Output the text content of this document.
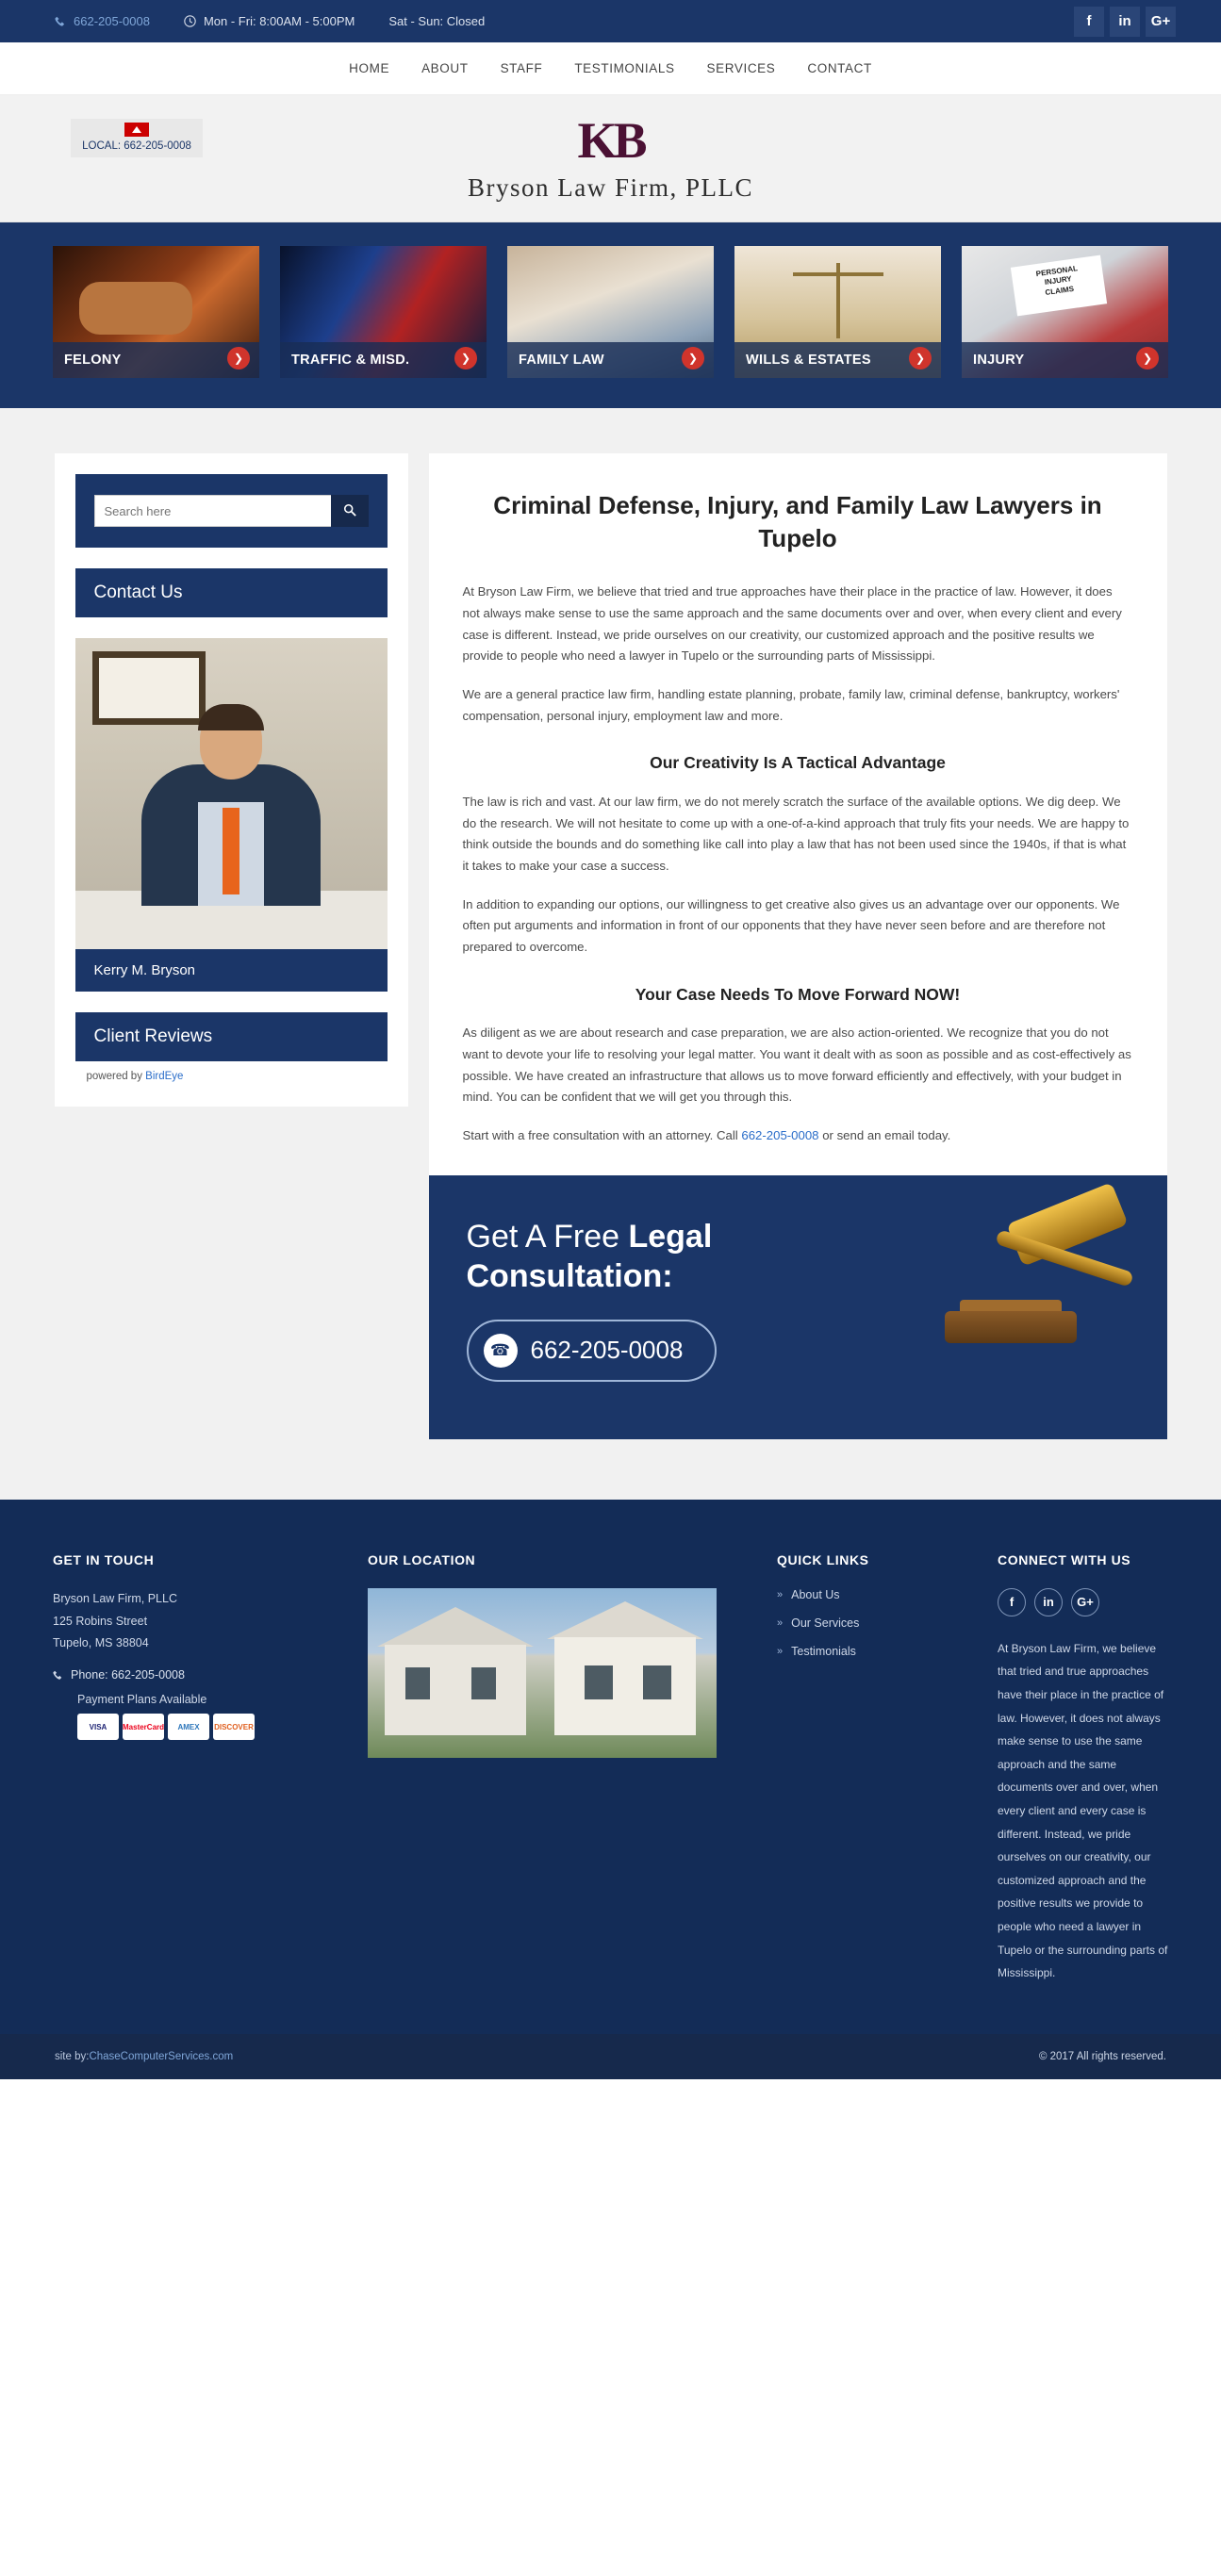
662-205-0008	Mon - Fri: 8:00AM - 5:00PM	Sat - Sun: Closed	f	in	G+
HOME	ABOUT	STAFF	TESTIMONIALS	SERVICES	CONTACT
LOCAL: 662-205-0008	KB
Bryson Law Firm, PLLC
FELONY	❯	TRAFFIC & MISD.	❯	FAMILY LAW	❯	WILLS & ESTATES	❯
PERSONAL
INJURY
CLAIMS
INJURY	❯
Search here
Contact Us
Kerry M. Bryson
Client Reviews
powered by BirdEye
Criminal Defense, Injury, and Family Law Lawyers in Tupelo

At Bryson Law Firm, we believe that tried and true approaches have their place in the practice of law. However, it does not always make sense to use the same approach and the same documents over and over, when every client and every case is different. Instead, we pride ourselves on our creativity, our customized approach and the positive results we provide to people who need a lawyer in Tupelo or the surrounding parts of Mississippi.

We are a general practice law firm, handling estate planning, probate, family law, criminal defense, bankruptcy, workers' compensation, personal injury, employment law and more.

Our Creativity Is A Tactical Advantage

The law is rich and vast. At our law firm, we do not merely scratch the surface of the available options. We dig deep. We do the research. We will not hesitate to come up with a one-of-a-kind approach that truly fits your needs. We are happy to think outside the bounds and do something like call into play a law that has not been used since the 1940s, if that is what it takes to make your case a success.

In addition to expanding our options, our willingness to get creative also gives us an advantage over our opponents. We often put arguments and information in front of our opponents that they have never seen before and are therefore not prepared to overcome.

Your Case Needs To Move Forward NOW!

As diligent as we are about research and case preparation, we are also action-oriented. We recognize that you do not want to devote your life to resolving your legal matter. You want it dealt with as soon as possible and as cost-effectively as possible. We have created an infrastructure that allows us to move forward efficiently and effectively, with your budget in mind. You can be confident that we will get you through this.

Start with a free consultation with an attorney. Call 662-205-0008 or send an email today.

Get A Free Legal Consultation:
☎ 662-205-0008
GET IN TOUCH
Bryson Law Firm, PLLC
125 Robins Street
Tupelo, MS 38804
Phone: 662-205-0008
Payment Plans Available
VISA	MasterCard	AMEX	DISCOVER
OUR LOCATION	QUICK LINKS
» About Us
» Our Services
» Testimonials
CONNECT WITH US
f	in	G+
At Bryson Law Firm, we believe that tried and true approaches have their place in the practice of law. However, it does not always make sense to use the same approach and the same documents over and over, when every client and every case is different. Instead, we pride ourselves on our creativity, our customized approach and the positive results we provide to people who need a lawyer in Tupelo or the surrounding parts of Mississippi.
site by: ChaseComputerServices.com	© 2017 All rights reserved.
